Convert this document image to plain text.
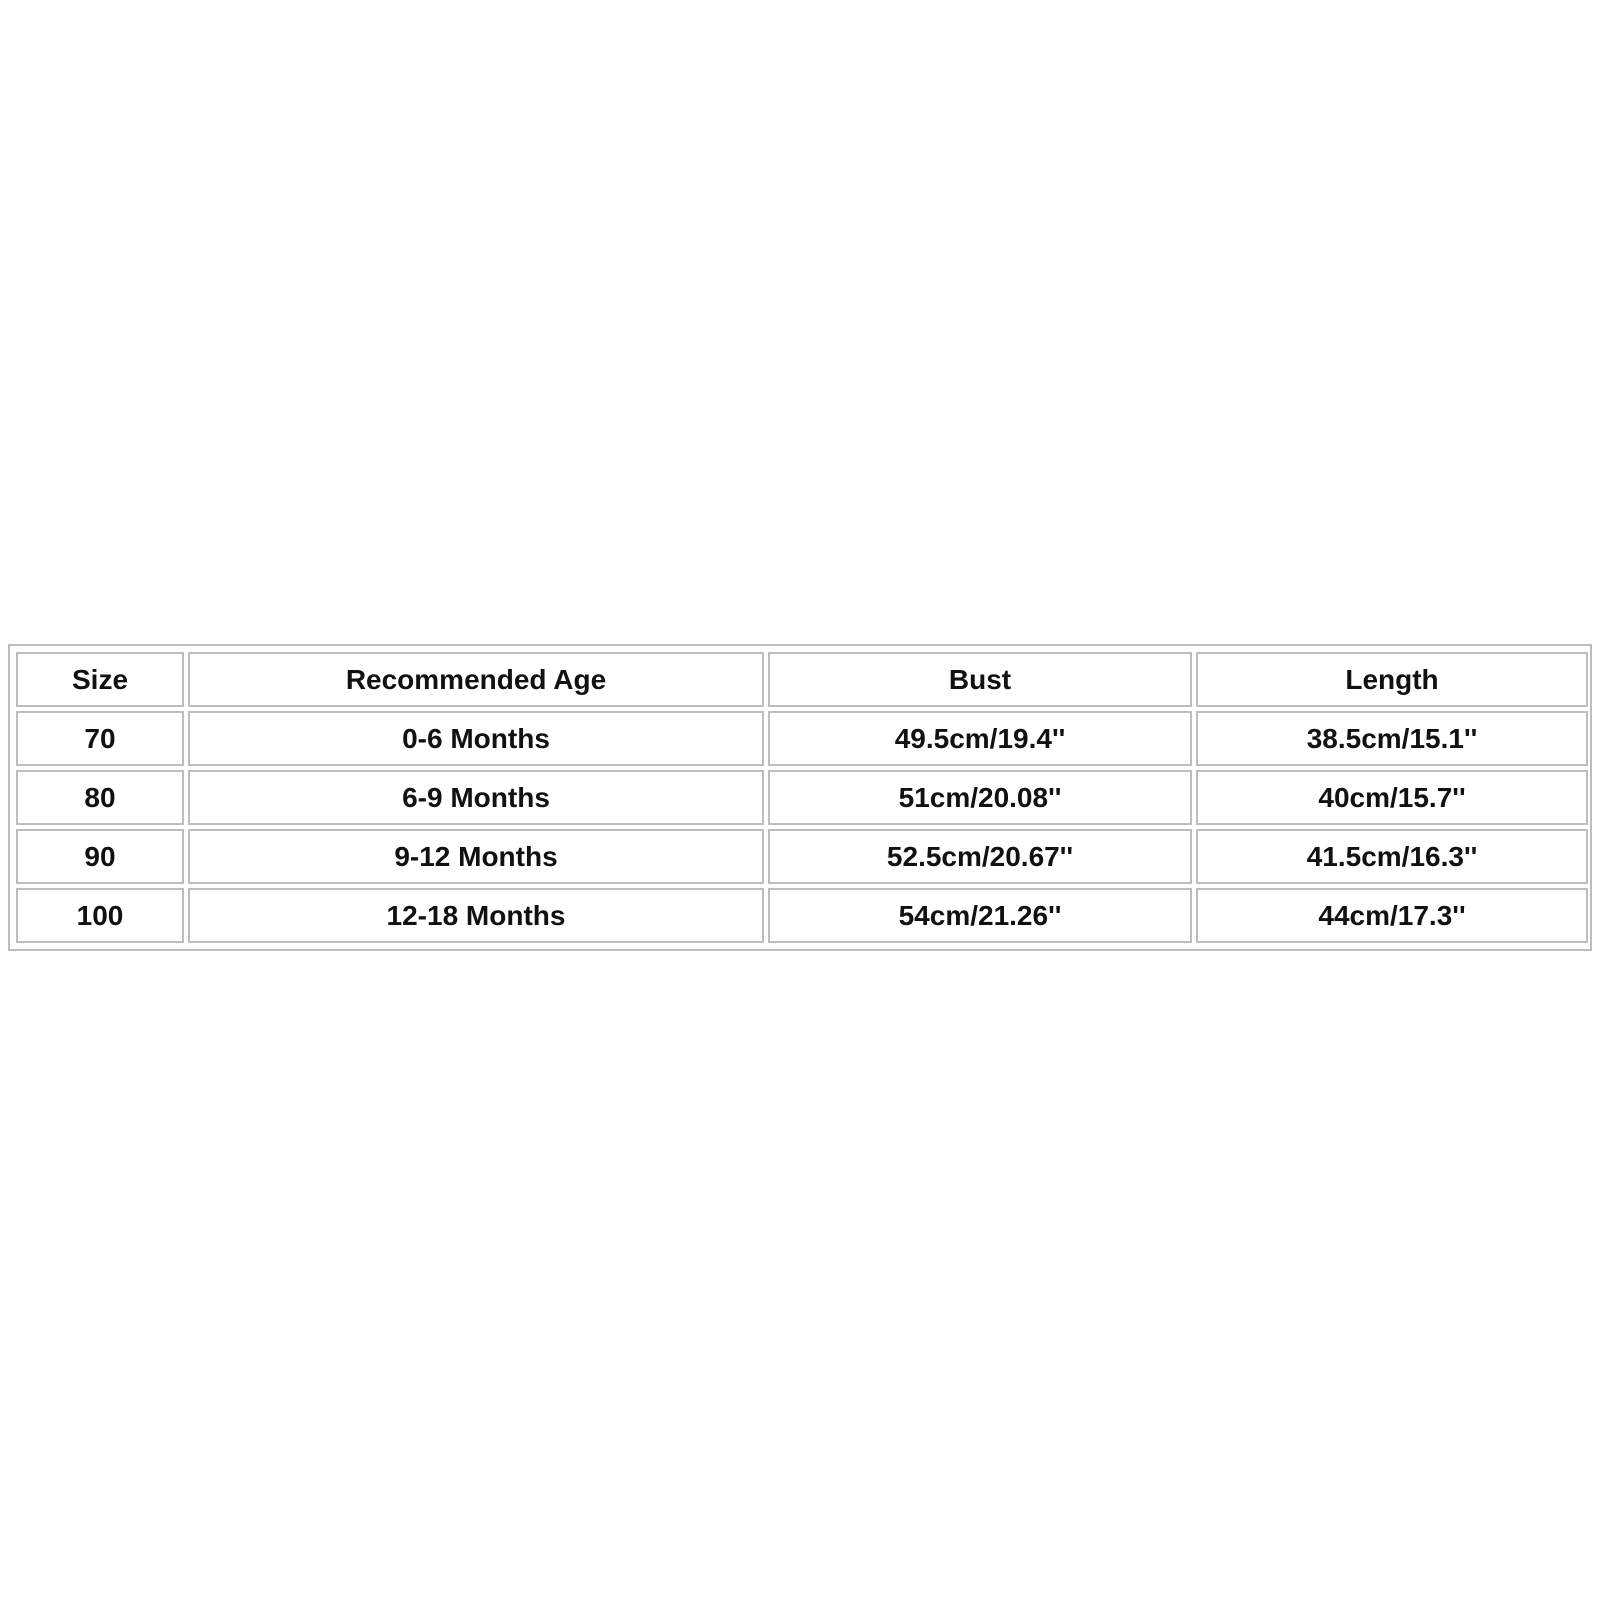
Size	Recommended Age	Bust	Length
70	0-6 Months	49.5cm/19.4''	38.5cm/15.1''
80	6-9 Months	51cm/20.08''	40cm/15.7''
90	9-12 Months	52.5cm/20.67''	41.5cm/16.3''
100	12-18 Months	54cm/21.26''	44cm/17.3''
